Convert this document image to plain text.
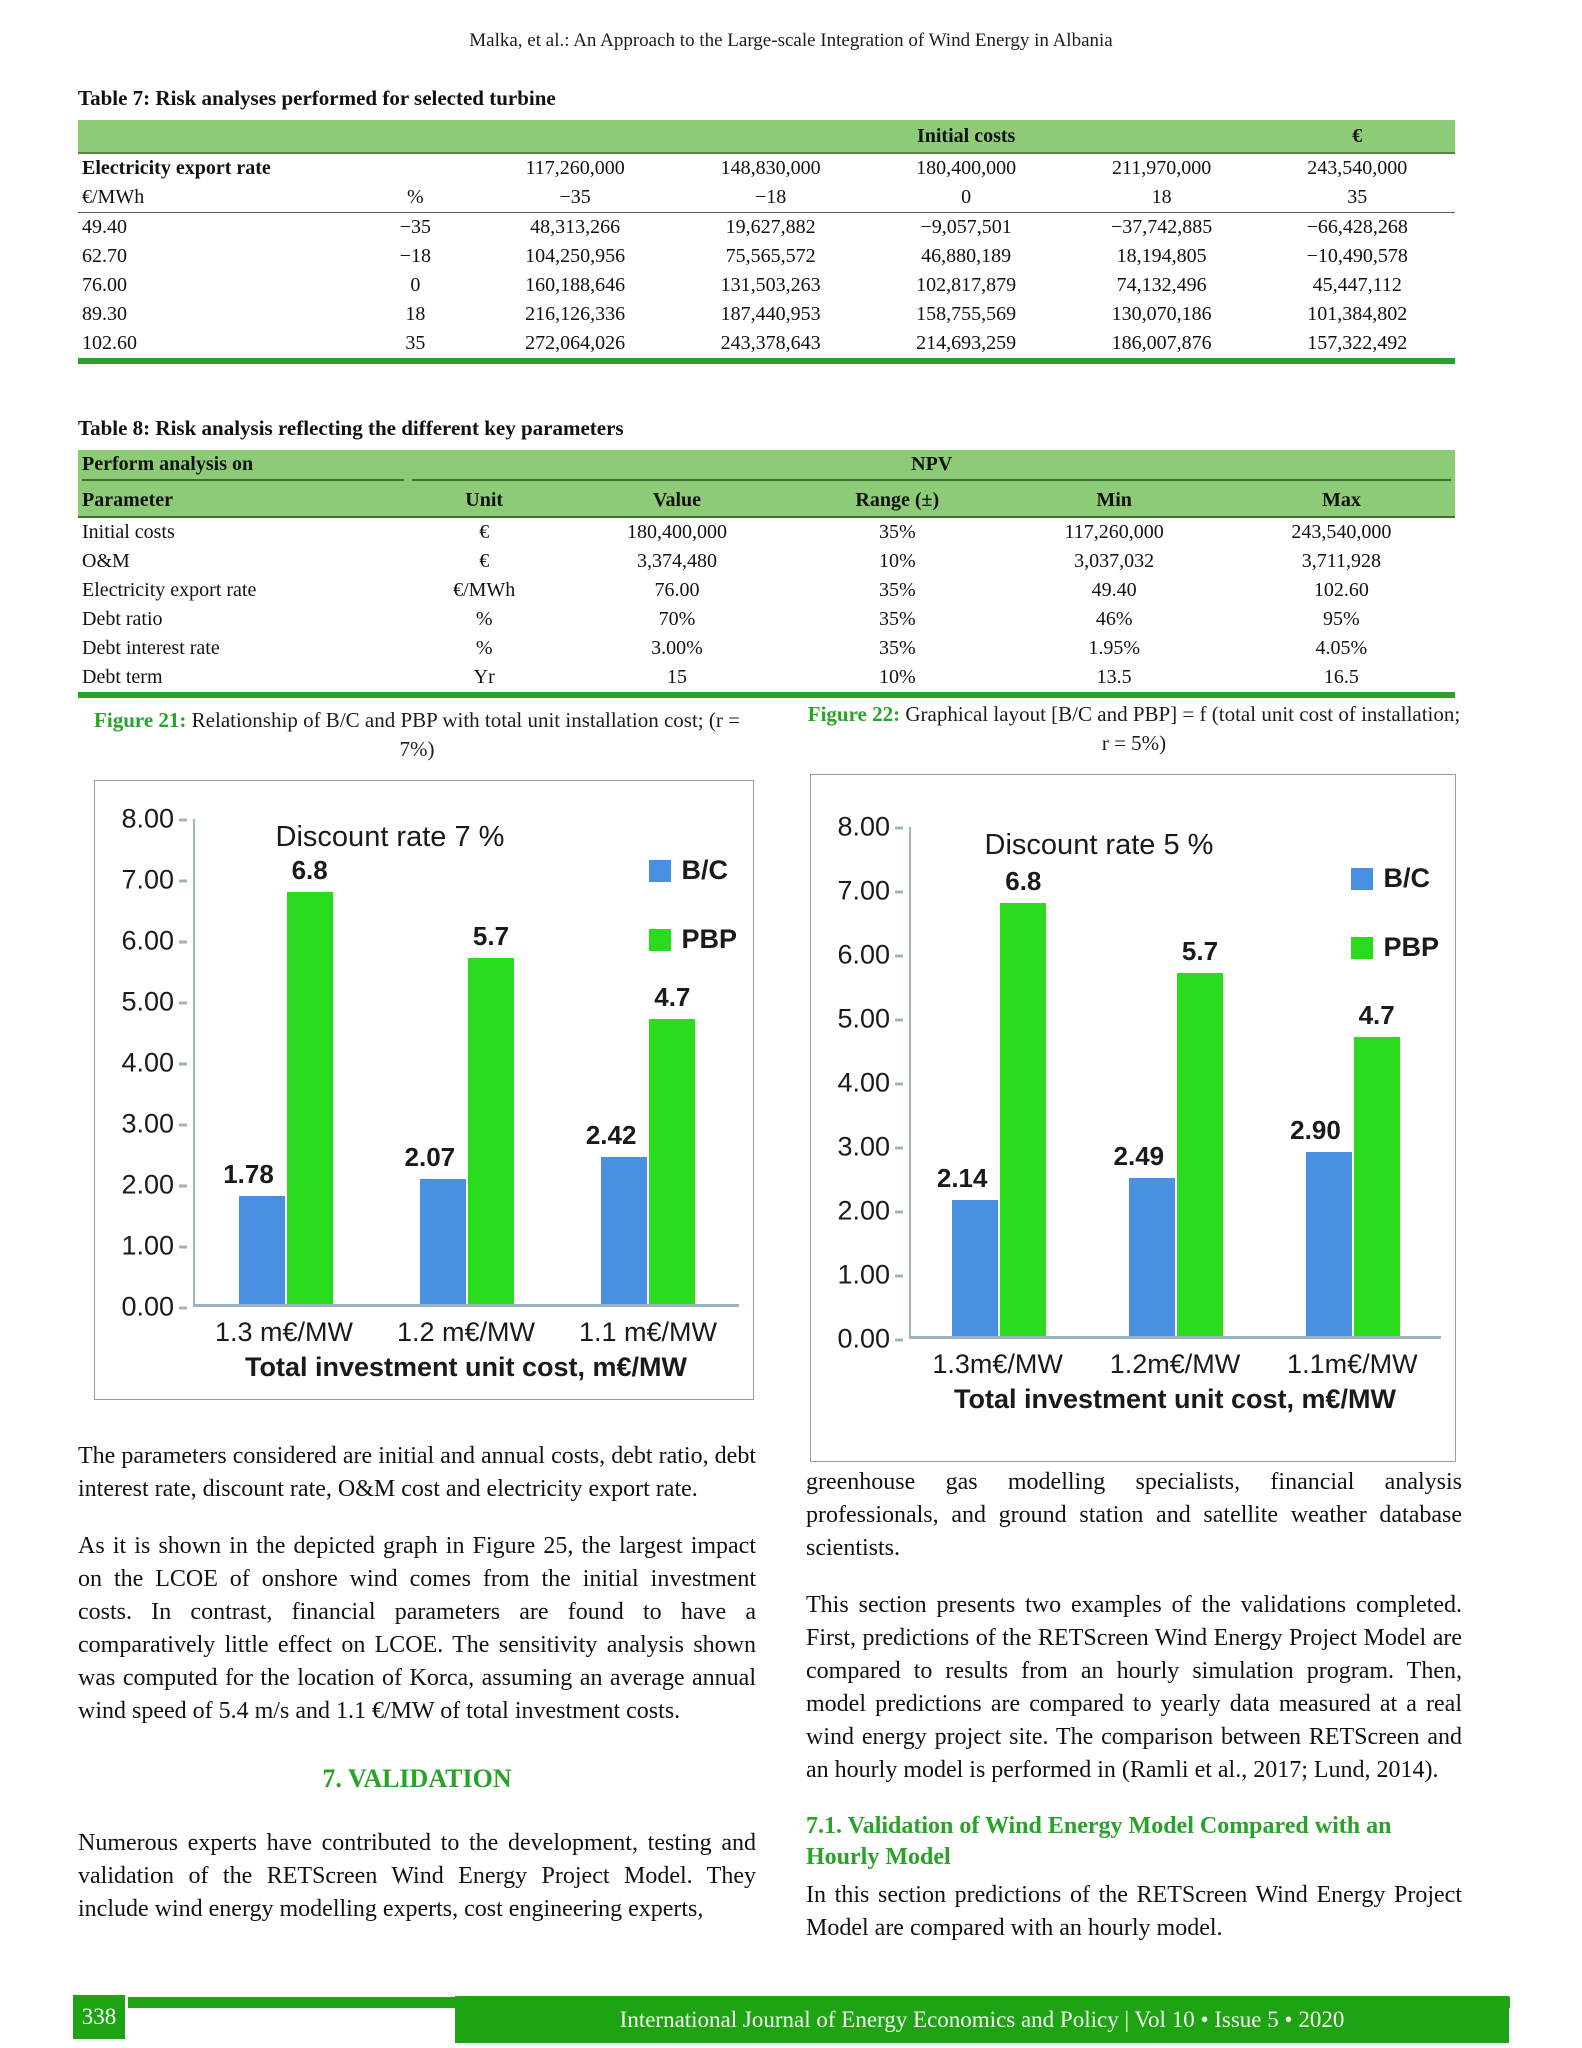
Malka, et al.: An Approach to the Large-scale Integration of Wind Energy in Albania
Table 7: Risk analyses performed for selected turbine
				Initial costs		€
Electricity export rate		117,260,000	148,830,000	180,400,000	211,970,000	243,540,000
€/MWh	%	−35	−18	0	18	35
49.40	−35	48,313,266	19,627,882	−9,057,501	−37,742,885	−66,428,268
62.70	−18	104,250,956	75,565,572	46,880,189	18,194,805	−10,490,578
76.00	0	160,188,646	131,503,263	102,817,879	74,132,496	45,447,112
89.30	18	216,126,336	187,440,953	158,755,569	130,070,186	101,384,802
102.60	35	272,064,026	243,378,643	214,693,259	186,007,876	157,322,492
Table 8: Risk analysis reflecting the different key parameters
Perform analysis on	NPV				

Parameter	Unit	Value	Range (±)	Min	Max
Initial costs	€	180,400,000	35%	117,260,000	243,540,000
O&M	€	3,374,480	10%	3,037,032	3,711,928
Electricity export rate	€/MWh	76.00	35%	49.40	102.60
Debt ratio	%	70%	35%	46%	95%
Debt interest rate	%	3.00%	35%	1.95%	4.05%
Debt term	Yr	15	10%	13.5	16.5
Figure 21: Relationship of B/C and PBP with total unit installation cost; (r = 7%)
Discount rate 7 %
B/C
PBP
8.00
7.00
6.00
5.00
4.00
3.00
2.00
1.00
0.00
1.78
6.8
2.07
5.7
2.42
4.7
1.3 m€/MW 1.2 m€/MW 1.1 m€/MW
Total investment unit cost, m€/MW
Figure 22: Graphical layout [B/C and PBP] = f (total unit cost of installation; r = 5%)
Discount rate 5 %
B/C
PBP
8.00
7.00
6.00
5.00
4.00
3.00
2.00
1.00
0.00
2.14
6.8
2.49
5.7
2.90
4.7
1.3m€/MW 1.2m€/MW 1.1m€/MW
Total investment unit cost, m€/MW

The parameters considered are initial and annual costs, debt ratio, debt interest rate, discount rate, O&M cost and electricity export rate.

As it is shown in the depicted graph in Figure 25, the largest impact on the LCOE of onshore wind comes from the initial investment costs. In contrast, financial parameters are found to have a comparatively little effect on LCOE. The sensitivity analysis shown was computed for the location of Korca, assuming an average annual wind speed of 5.4 m/s and 1.1 €/MW of total investment costs.

7. VALIDATION

Numerous experts have contributed to the development, testing and validation of the RETScreen Wind Energy Project Model. They include wind energy modelling experts, cost engineering experts,

greenhouse gas modelling specialists, financial analysis professionals, and ground station and satellite weather database scientists.

This section presents two examples of the validations completed. First, predictions of the RETScreen Wind Energy Project Model are compared to results from an hourly simulation program. Then, model predictions are compared to yearly data measured at a real wind energy project site. The comparison between RETScreen and an hourly model is performed in (Ramli et al., 2017; Lund, 2014).

7.1. Validation of Wind Energy Model Compared with an Hourly Model

In this section predictions of the RETScreen Wind Energy Project Model are compared with an hourly model.

338	International Journal of Energy Economics and Policy | Vol 10 • Issue 5 • 2020
